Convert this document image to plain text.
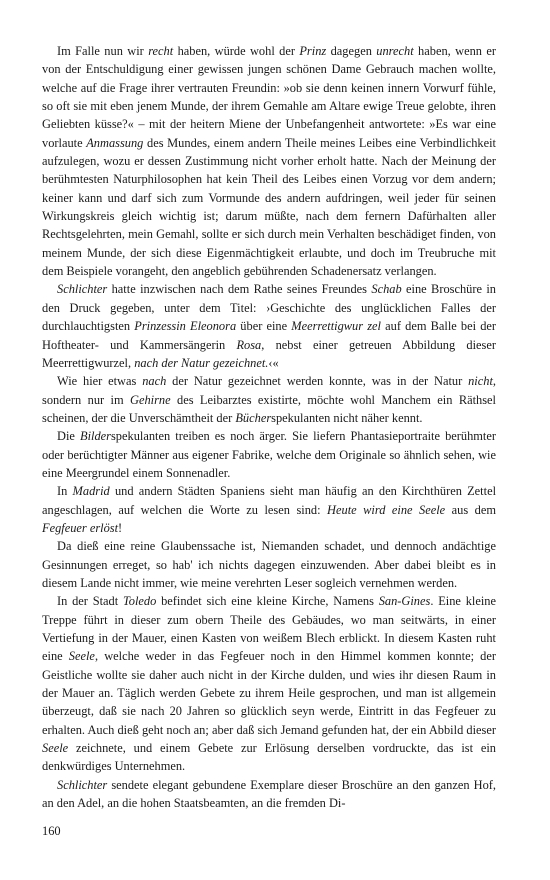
Im Falle nun wir recht haben, würde wohl der Prinz dagegen unrecht haben, wenn er von der Entschuldigung einer gewissen jungen schönen Dame Gebrauch machen wollte, welche auf die Frage ihrer vertrauten Freundin: »ob sie denn keinen innern Vorwurf fühle, so oft sie mit eben jenem Munde, der ihrem Gemahle am Altare ewige Treue gelobte, ihren Geliebten küsse?« – mit der heitern Miene der Unbefangenheit antwortete: »Es war eine vorlaute Anmassung des Mundes, einem andern Theile meines Leibes eine Verbindlichkeit aufzulegen, wozu er dessen Zustimmung nicht vorher erholt hatte. Nach der Meinung der berühmtesten Naturphilosophen hat kein Theil des Leibes einen Vorzug vor dem andern; keiner kann und darf sich zum Vormunde des andern aufdringen, weil jeder für seinen Wirkungskreis gleich wichtig ist; darum müßte, nach dem fernern Dafürhalten aller Rechtsgelehrten, mein Gemahl, sollte er sich durch mein Verhalten beschädiget finden, von meinem Munde, der sich diese Eigenmächtigkeit erlaubte, und doch im Treubruche mit dem Beispiele vorangeht, den angeblich gebührenden Schadenersatz verlangen.

Schlichter hatte inzwischen nach dem Rathe seines Freundes Schab eine Broschüre in den Druck gegeben, unter dem Titel: ›Geschichte des unglücklichen Falles der durchlauchtigsten Prinzessin Eleonora über eine Meerrettigwur zel auf dem Balle bei der Hoftheater- und Kammersängerin Rosa, nebst einer getreuen Abbildung dieser Meerrettigwurzel, nach der Natur gezeichnet.‹«

Wie hier etwas nach der Natur gezeichnet werden konnte, was in der Natur nicht, sondern nur im Gehirne des Leibarztes existirte, möchte wohl Manchem ein Räthsel scheinen, der die Unverschämtheit der Bücherspekulanten nicht näher kennt.

Die Bilderspekulanten treiben es noch ärger. Sie liefern Phantasieportraite berühmter oder berüchtigter Männer aus eigener Fabrike, welche dem Originale so ähnlich sehen, wie eine Meergrundel einem Sonnenadler.

In Madrid und andern Städten Spaniens sieht man häufig an den Kirchthüren Zettel angeschlagen, auf welchen die Worte zu lesen sind: Heute wird eine Seele aus dem Fegfeuer erlöst!

Da dieß eine reine Glaubenssache ist, Niemanden schadet, und dennoch andächtige Gesinnungen erreget, so hab' ich nichts dagegen einzuwenden. Aber dabei bleibt es in diesem Lande nicht immer, wie meine verehrten Leser sogleich vernehmen werden.

In der Stadt Toledo befindet sich eine kleine Kirche, Namens San-Gines. Eine kleine Treppe führt in dieser zum obern Theile des Gebäudes, wo man seitwärts, in einer Vertiefung in der Mauer, einen Kasten von weißem Blech erblickt. In diesem Kasten ruht eine Seele, welche weder in das Fegfeuer noch in den Himmel kommen konnte; der Geistliche wollte sie daher auch nicht in der Kirche dulden, und wies ihr diesen Raum in der Mauer an. Täglich werden Gebete zu ihrem Heile gesprochen, und man ist allgemein überzeugt, daß sie nach 20 Jahren so glücklich seyn werde, Eintritt in das Fegfeuer zu erhalten. Auch dieß geht noch an; aber daß sich Jemand gefunden hat, der ein Abbild dieser Seele zeichnete, und einem Gebete zur Erlösung derselben vordruckte, das ist ein denkwürdiges Unternehmen.

Schlichter sendete elegant gebundene Exemplare dieser Broschüre an den ganzen Hof, an den Adel, an die hohen Staatsbeamten, an die fremden Di-

160
